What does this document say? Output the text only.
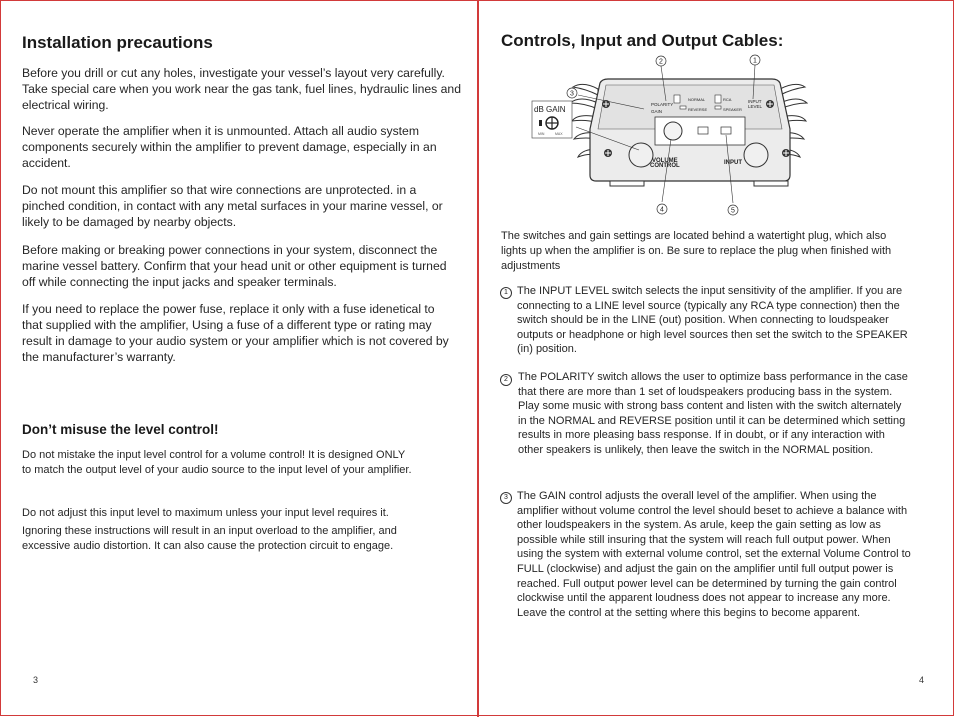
Installation precautions

Before you drill or cut any holes, investigate your vessel’s layout very carefully. Take special care when you work near the gas tank, fuel lines, hydraulic lines and electrical wiring.

Never operate the amplifier when it is unmounted. Attach all audio system components securely within the amplifier to prevent damage, especially in an accident.

Do not mount this amplifier so that wire connections are unprotected. in a pinched condition, in contact with any metal surfaces in your marine vessel, or likely to be damaged by nearby objects.

Before making or breaking power connections in your system, disconnect the marine vessel battery. Confirm that your head unit or other equipment is turned off while connecting the input jacks and speaker terminals.

If you need to replace the power fuse, replace it only with a fuse idenetical to that supplied with the amplifier, Using a fuse of a different type or rating may result in damage to your audio system or your amplifier which is not covered by the manufacturer’s warranty.

Don’t misuse the level control!

Do not mistake the input level control for a volume control! It is designed ONLY to match the output level of your audio source to the input level of your amplifier.

Do not adjust this input level to maximum unless your input level requires it.

Ignoring these instructions will result in an input overload to the amplifier, and excessive audio distortion. It can also cause the protection circuit to engage.

3
Controls, Input and Output Cables:
POLARITY
GAIN
NORMAL
REVERSE
RCA
SPEAKER
INPUT
LEVEL
VOLUME
CONTROL	INPUT
dB GAIN
MIN	MAX
2	1
3
4	5

The switches and gain settings are located behind a watertight plug, which also lights up when the amplifier is on. Be sure to replace the plug when finished with adjustments

1 The INPUT LEVEL switch selects the input sensitivity of the amplifier. If you are connecting to a LINE level source (typically any RCA type connection) then the switch should be in the LINE (out) position. When connecting to loudspeaker outputs or headphone or high level sources then set the switch to the SPEAKER (in) position.

2 The POLARITY switch allows the user to optimize bass performance in the case that there are more than 1 set of loudspeakers producing bass in the system. Play some music with strong bass content and listen with the switch alternately in the NORMAL and REVERSE position until it can be determined which setting results in more pleasing bass response. If in doubt, or if any interaction with other speakers is unlikely, then leave the switch in the NORMAL position.

3 The GAIN control adjusts the overall level of the amplifier. When using the amplifier without volume control the level should beset to achieve a balance with other loudspeakers in the system. As arule, keep the gain setting as low as possible while still insuring that the system will reach full output power. When using the system with external volume control, set the external Volume Control to FULL (clockwise) and adjust the gain on the amplifier until full output power is reached. Full output power level can be determined by turning the gain control clockwise until the apparent loudness does not appear to increase any more. Leave the control at the setting where this begins to become apparent.

4
